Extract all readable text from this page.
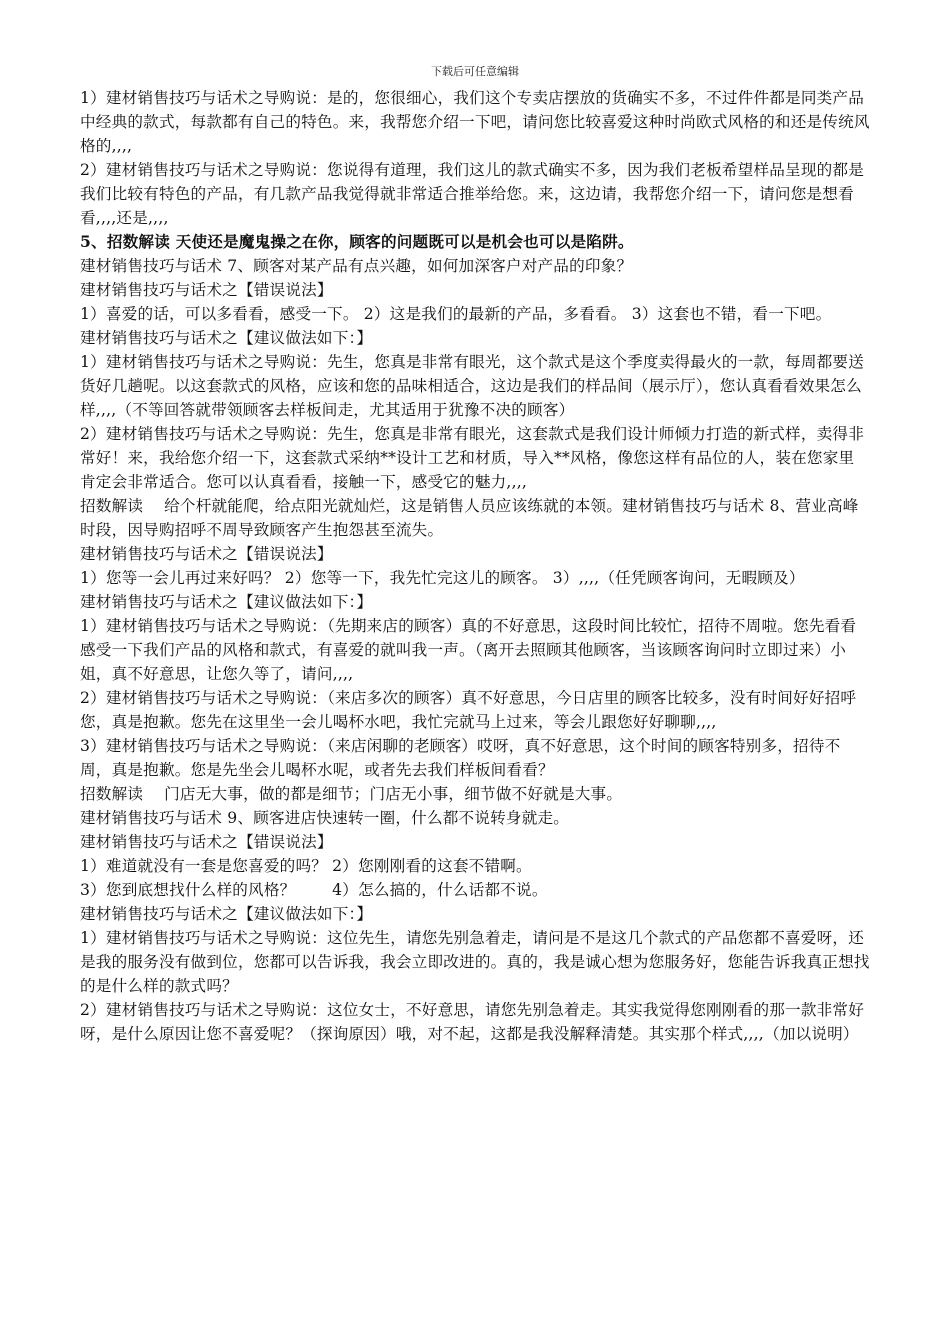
下载后可任意编辑

1）建材销售技巧与话术之导购说：是的，您很细心，我们这个专卖店摆放的货确实不多，不过件件都是同类产品中经典的款式，每款都有自己的特色。来，我帮您介绍一下吧，请问您比较喜爱这种时尚欧式风格的和还是传统风格的,,,,

2）建材销售技巧与话术之导购说：您说得有道理，我们这儿的款式确实不多，因为我们老板希望样品呈现的都是我们比较有特色的产品，有几款产品我觉得就非常适合推举给您。来，这边请，我帮您介绍一下，请问您是想看看,,,,还是,,,,

5、招数解读 天使还是魔鬼操之在你，顾客的问题既可以是机会也可以是陷阱。

建材销售技巧与话术 7、顾客对某产品有点兴趣，如何加深客户对产品的印象？

建材销售技巧与话术之【错误说法】

1）喜爱的话，可以多看看，感受一下。 2）这是我们的最新的产品，多看看。 3）这套也不错，看一下吧。

建材销售技巧与话术之【建议做法如下：】

1）建材销售技巧与话术之导购说：先生，您真是非常有眼光，这个款式是这个季度卖得最火的一款，每周都要送货好几趟呢。以这套款式的风格，应该和您的品味相适合，这边是我们的样品间（展示厅），您认真看看效果怎么样,,,,（不等回答就带领顾客去样板间走，尤其适用于犹豫不决的顾客）

2）建材销售技巧与话术之导购说：先生，您真是非常有眼光，这套款式是我们设计师倾力打造的新式样，卖得非常好！来，我给您介绍一下，这套款式采纳**设计工艺和材质，导入**风格，像您这样有品位的人，装在您家里肯定会非常适合。您可以认真看看，接触一下，感受它的魅力,,,,

招数解读　 给个杆就能爬，给点阳光就灿烂，这是销售人员应该练就的本领。建材销售技巧与话术 8、营业高峰时段，因导购招呼不周导致顾客产生抱怨甚至流失。

建材销售技巧与话术之【错误说法】

1）您等一会儿再过来好吗？ 2）您等一下，我先忙完这儿的顾客。 3）,,,,（任凭顾客询问，无暇顾及）

建材销售技巧与话术之【建议做法如下：】

1）建材销售技巧与话术之导购说：（先期来店的顾客）真的不好意思，这段时间比较忙，招待不周啦。您先看看感受一下我们产品的风格和款式，有喜爱的就叫我一声。（离开去照顾其他顾客，当该顾客询问时立即过来）小姐，真不好意思，让您久等了，请问,,,,

2）建材销售技巧与话术之导购说：（来店多次的顾客）真不好意思，今日店里的顾客比较多，没有时间好好招呼您，真是抱歉。您先在这里坐一会儿喝杯水吧，我忙完就马上过来，等会儿跟您好好聊聊,,,,

3）建材销售技巧与话术之导购说：（来店闲聊的老顾客）哎呀，真不好意思，这个时间的顾客特别多，招待不周，真是抱歉。您是先坐会儿喝杯水呢，或者先去我们样板间看看？

招数解读　 门店无大事，做的都是细节；门店无小事，细节做不好就是大事。

建材销售技巧与话术 9、顾客进店快速转一圈，什么都不说转身就走。

建材销售技巧与话术之【错误说法】

1）难道就没有一套是您喜爱的吗？ 2）您刚刚看的这套不错啊。

3）您到底想找什么样的风格？　　 4）怎么搞的，什么话都不说。

建材销售技巧与话术之【建议做法如下：】

1）建材销售技巧与话术之导购说：这位先生，请您先别急着走，请问是不是这几个款式的产品您都不喜爱呀，还是我的服务没有做到位，您都可以告诉我，我会立即改进的。真的，我是诚心想为您服务好，您能告诉我真正想找的是什么样的款式吗？

2）建材销售技巧与话术之导购说：这位女士，不好意思，请您先别急着走。其实我觉得您刚刚看的那一款非常好呀，是什么原因让您不喜爱呢？（探询原因）哦，对不起，这都是我没解释清楚。其实那个样式,,,,（加以说明）
